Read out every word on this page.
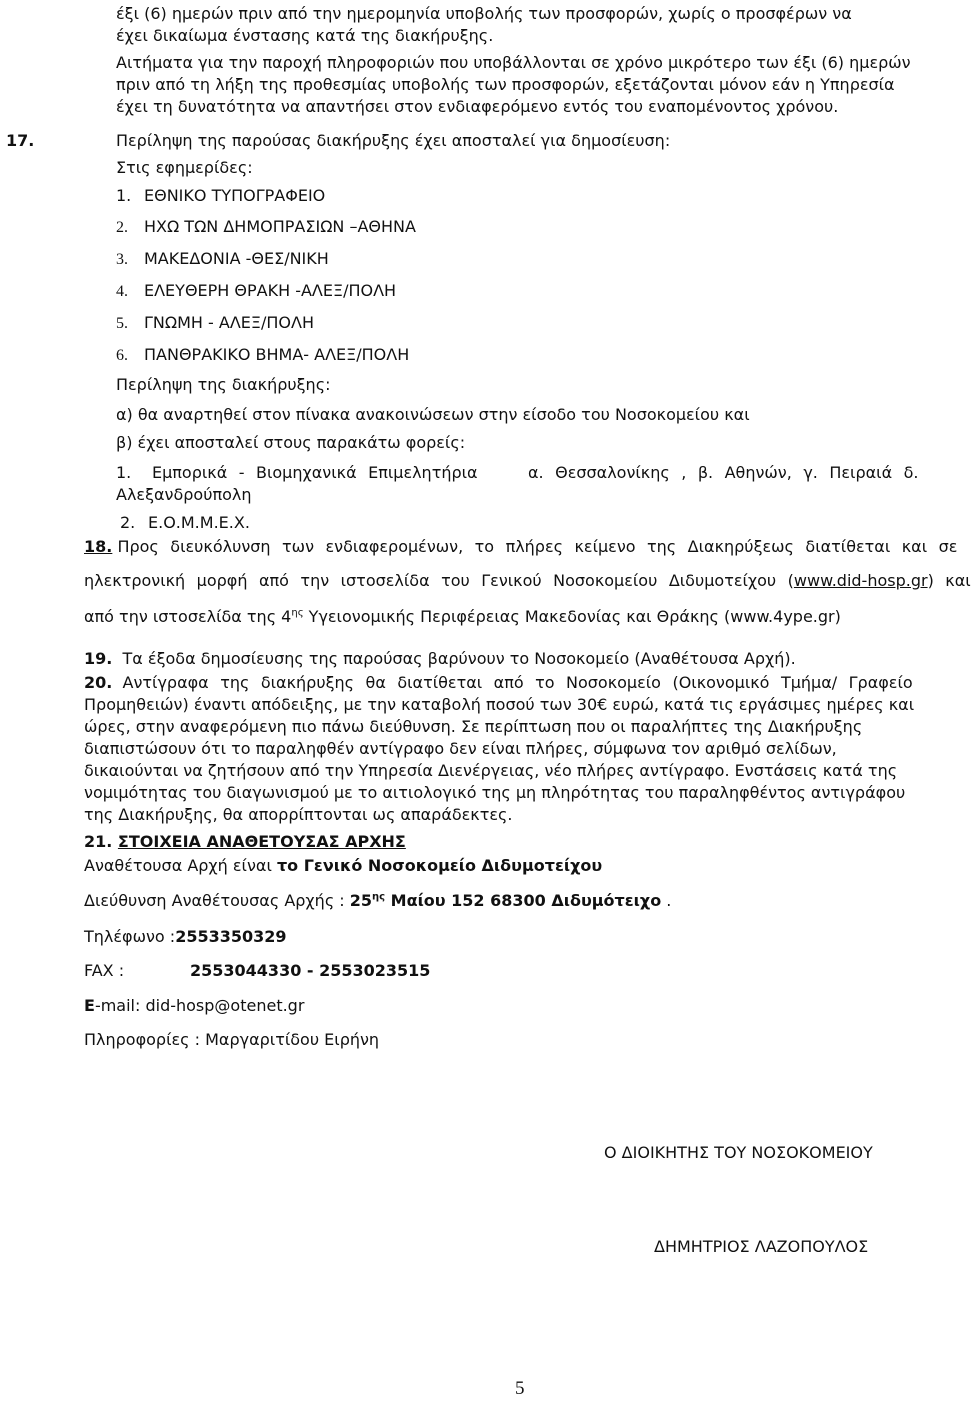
έξι (6) ημερών πριν από την ημερομηνία υποβολής των προσφορών, χωρίς ο προσφέρων να

έχει δικαίωμα ένστασης κατά της διακήρυξης.

Αιτήματα για την παροχή πληροφοριών που υποβάλλονται σε χρόνο μικρότερο των έξι (6) ημερών

πριν από τη λήξη της προθεσμίας υποβολής των προσφορών, εξετάζονται μόνον εάν η Υπηρεσία

έχει τη δυνατότητα να απαντήσει στον ενδιαφερόμενο εντός του εναπομένοντος χρόνου.

17.	Περίληψη της παρούσας διακήρυξης έχει αποσταλεί για δημοσίευση:

Στις εφημερίδες:

1. ΕΘΝΙΚΟ ΤΥΠΟΓΡΑΦΕΙΟ

2. ΗΧΩ ΤΩΝ ΔΗΜΟΠΡΑΣΙΩΝ –ΑΘΗΝΑ

3. ΜΑΚΕΔΟΝΙΑ -ΘΕΣ/ΝΙΚΗ

4. ΕΛΕΥΘΕΡΗ ΘΡΑΚΗ -ΑΛΕΞ/ΠΟΛΗ

5. ΓΝΩΜΗ - ΑΛΕΞ/ΠΟΛΗ

6. ΠΑΝΘΡΑΚΙΚΟ ΒΗΜΑ- ΑΛΕΞ/ΠΟΛΗ

Περίληψη της διακήρυξης:

α) θα αναρτηθεί στον πίνακα ανακοινώσεων στην είσοδο του Νοσοκομείου και

β) έχει αποσταλεί στους παρακάτω φορείς:

1. Εμπορικά - Βιομηχανικά Επιμελητήρια	α. Θεσσαλονίκης , β. Αθηνών, γ. Πειραιά δ.

Αλεξανδρούπολη

2. Ε.Ο.Μ.Μ.Ε.Χ.

18. Προς διευκόλυνση των ενδιαφερομένων, το πλήρες κείμενο της Διακηρύξεως διατίθεται και σε

ηλεκτρονική μορφή από την ιστοσελίδα του Γενικού Νοσοκομείου Διδυμοτείχου (www.did-hosp.gr) και

από την ιστοσελίδα της $4^{\eta\varsigma}$ Υγειονομικής Περιφέρειας Μακεδονίας και Θράκης (www.4ype.gr)

19. Τα έξοδα δημοσίευσης της παρούσας βαρύνουν το Νοσοκομείο (Αναθέτουσα Αρχή).

20. Αντίγραφα της διακήρυξης θα διατίθεται από το Νοσοκομείο (Οικονομικό Τμήμα/ Γραφείο

Προμηθειών) έναντι απόδειξης, με την καταβολή ποσού των 30€ ευρώ, κατά τις εργάσιμες ημέρες και

ώρες, στην αναφερόμενη πιο πάνω διεύθυνση. Σε περίπτωση που οι παραλήπτες της Διακήρυξης

διαπιστώσουν ότι το παραληφθέν αντίγραφο δεν είναι πλήρες, σύμφωνα τον αριθμό σελίδων,

δικαιούνται να ζητήσουν από την Υπηρεσία Διενέργειας, νέο πλήρες αντίγραφο. Ενστάσεις κατά της

νομιμότητας του διαγωνισμού με το αιτιολογικό της μη πληρότητας του παραληφθέντος αντιγράφου

της Διακήρυξης, θα απορρίπτονται ως απαράδεκτες.

21. ΣΤΟΙΧΕΙΑ ΑΝΑΘΕΤΟΥΣΑΣ ΑΡΧΗΣ

Αναθέτουσα Αρχή είναι το Γενικό Νοσοκομείο Διδυμοτείχου

Διεύθυνση Αναθέτουσας Αρχής : $25^{\eta\varsigma}$ Μαίου 152 68300 Διδυμότειχο .

Τηλέφωνο :2553350329

FAX :	2553044330 - 2553023515

E-mail: did-hosp@otenet.gr

Πληροφορίες : Μαργαριτίδου Ειρήνη

Ο ΔΙΟΙΚΗΤΗΣ ΤΟΥ ΝΟΣΟΚΟΜΕΙΟΥ

ΔΗΜΗΤΡΙΟΣ ΛΑΖΟΠΟΥΛΟΣ

5
